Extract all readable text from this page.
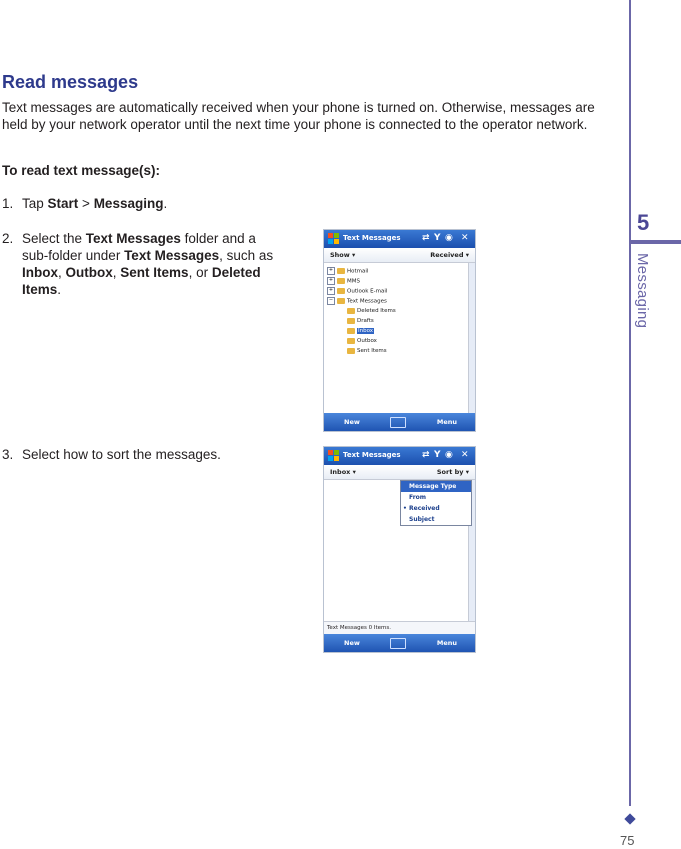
Read messages

Text messages are automatically received when your phone is turned on. Otherwise, messages are held by your network operator until the next time your phone is connected to the operator network.

To read text message(s):

1. Tap Start > Messaging.
2. Select the Text Messages folder and a sub-folder under Text Messages, such as Inbox, Outbox, Sent Items, or Deleted Items.
3. Select how to sort the messages.
Text Messages ⇄ Y ◉ ✕
Show ▾	Received ▾
+	Hotmail
+	MMS
+	Outlook E-mail
−	Text Messages
Deleted Items
Drafts
Inbox
Outbox
Sent Items
New	Menu
Text Messages ⇄ Y ◉ ✕
Inbox ▾	Sort by ▾
Message Type
From
• Received
Subject
Text Messages 0 Items.
New	Menu
5
Messaging
75
